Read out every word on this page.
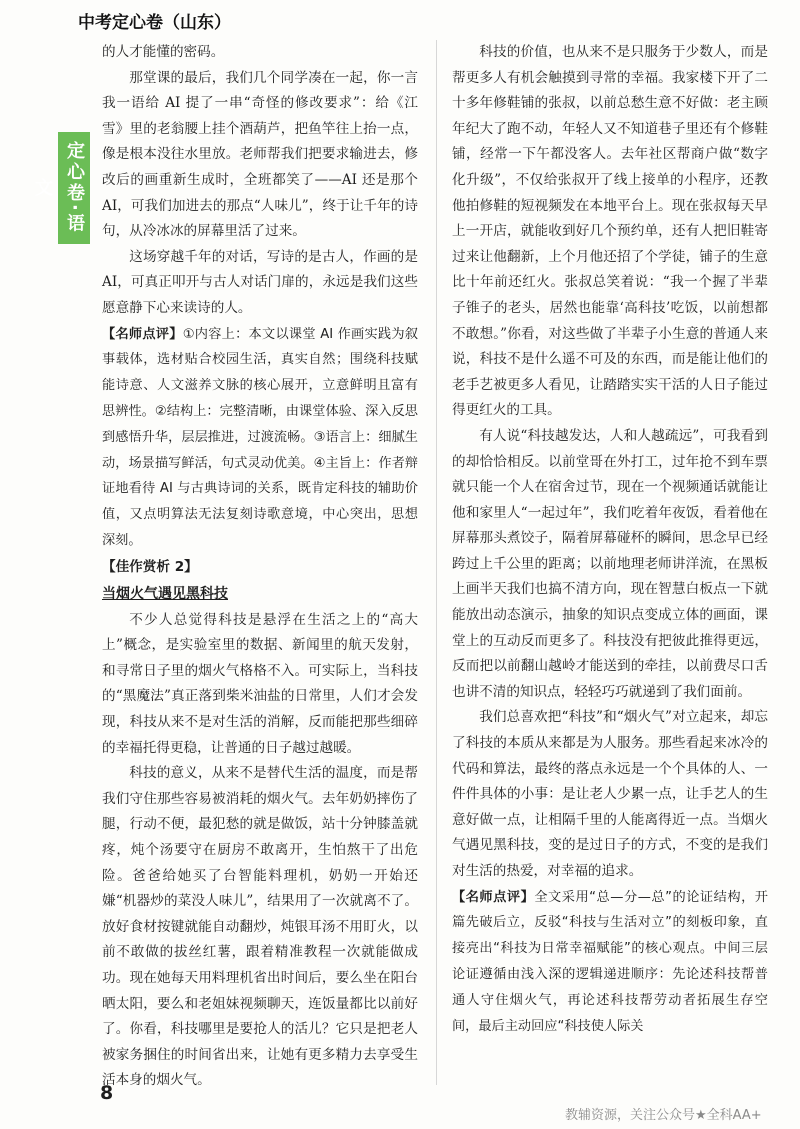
中考定心卷（山东）
定心卷·语文

的人才能懂的密码。

那堂课的最后，我们几个同学凑在一起，你一言我一语给 AI 提了一串“奇怪的修改要求”：给《江雪》里的老翁腰上挂个酒葫芦，把鱼竿往上抬一点，像是根本没往水里放。老师帮我们把要求输进去，修改后的画重新生成时，全班都笑了——AI 还是那个 AI，可我们加进去的那点“人味儿”，终于让千年的诗句，从冷冰冰的屏幕里活了过来。

这场穿越千年的对话，写诗的是古人，作画的是 AI，可真正叩开与古人对话门扉的，永远是我们这些愿意静下心来读诗的人。

【名师点评】①内容上：本文以课堂 AI 作画实践为叙事载体，选材贴合校园生活，真实自然；围绕科技赋能诗意、人文滋养文脉的核心展开，立意鲜明且富有思辨性。②结构上：完整清晰，由课堂体验、深入反思到感悟升华，层层推进，过渡流畅。③语言上：细腻生动，场景描写鲜活，句式灵动优美。④主旨上：作者辩证地看待 AI 与古典诗词的关系，既肯定科技的辅助价值，又点明算法无法复刻诗歌意境，中心突出，思想深刻。

【佳作赏析 2】

当烟火气遇见黑科技

不少人总觉得科技是悬浮在生活之上的“高大上”概念，是实验室里的数据、新闻里的航天发射，和寻常日子里的烟火气格格不入。可实际上，当科技的“黑魔法”真正落到柴米油盐的日常里，人们才会发现，科技从来不是对生活的消解，反而能把那些细碎的幸福托得更稳，让普通的日子越过越暖。

科技的意义，从来不是替代生活的温度，而是帮我们守住那些容易被消耗的烟火气。去年奶奶摔伤了腿，行动不便，最犯愁的就是做饭，站十分钟膝盖就疼，炖个汤要守在厨房不敢离开，生怕熬干了出危险。爸爸给她买了台智能料理机，奶奶一开始还嫌“机器炒的菜没人味儿”，结果用了一次就离不了。放好食材按键就能自动翻炒，炖银耳汤不用盯火，以前不敢做的拔丝红薯，跟着精准教程一次就能做成功。现在她每天用料理机省出时间后，要么坐在阳台晒太阳，要么和老姐妹视频聊天，连饭量都比以前好了。你看，科技哪里是要抢人的活儿？它只是把老人被家务捆住的时间省出来，让她有更多精力去享受生活本身的烟火气。

科技的价值，也从来不是只服务于少数人，而是帮更多人有机会触摸到寻常的幸福。我家楼下开了二十多年修鞋铺的张叔，以前总愁生意不好做：老主顾年纪大了跑不动，年轻人又不知道巷子里还有个修鞋铺，经常一下午都没客人。去年社区帮商户做“数字化升级”，不仅给张叔开了线上接单的小程序，还教他拍修鞋的短视频发在本地平台上。现在张叔每天早上一开店，就能收到好几个预约单，还有人把旧鞋寄过来让他翻新，上个月他还招了个学徒，铺子的生意比十年前还红火。张叔总笑着说：“我一个握了半辈子锥子的老头，居然也能靠‘高科技’吃饭，以前想都不敢想。”你看，对这些做了半辈子小生意的普通人来说，科技不是什么遥不可及的东西，而是能让他们的老手艺被更多人看见，让踏踏实实干活的人日子能过得更红火的工具。

有人说“科技越发达，人和人越疏远”，可我看到的却恰恰相反。以前堂哥在外打工，过年抢不到车票就只能一个人在宿舍过节，现在一个视频通话就能让他和家里人“一起过年”，我们吃着年夜饭，看着他在屏幕那头煮饺子，隔着屏幕碰杯的瞬间，思念早已经跨过上千公里的距离；以前地理老师讲洋流，在黑板上画半天我们也搞不清方向，现在智慧白板点一下就能放出动态演示，抽象的知识点变成立体的画面，课堂上的互动反而更多了。科技没有把彼此推得更远，反而把以前翻山越岭才能送到的牵挂，以前费尽口舌也讲不清的知识点，轻轻巧巧就递到了我们面前。

我们总喜欢把“科技”和“烟火气”对立起来，却忘了科技的本质从来都是为人服务。那些看起来冰冷的代码和算法，最终的落点永远是一个个具体的人、一件件具体的小事：是让老人少累一点，让手艺人的生意好做一点，让相隔千里的人能离得近一点。当烟火气遇见黑科技，变的是过日子的方式，不变的是我们对生活的热爱，对幸福的追求。

【名师点评】全文采用“总—分—总”的论证结构，开篇先破后立，反驳“科技与生活对立”的刻板印象，直接亮出“科技为日常幸福赋能”的核心观点。中间三层论证遵循由浅入深的逻辑递进顺序：先论述科技帮普通人守住烟火气，再论述科技帮劳动者拓展生存空间，最后主动回应“科技使人际关

8
教辅资源，关注公众号★全科AA+
